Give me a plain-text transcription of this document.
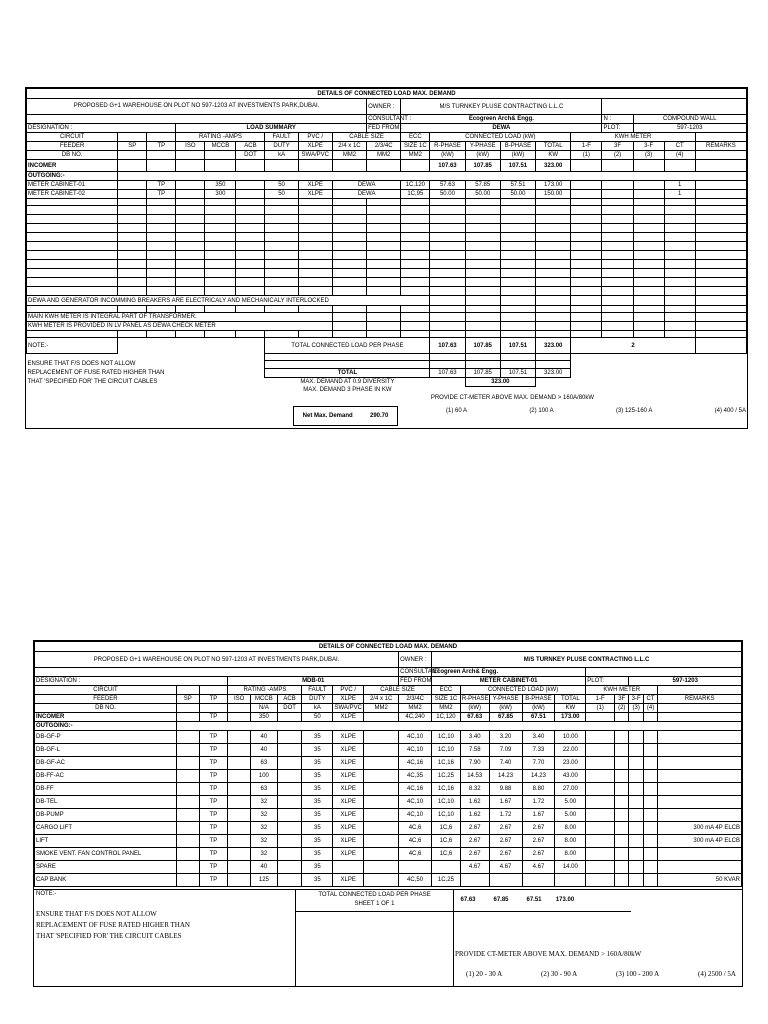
DETAILS OF CONNECTED LOAD MAX. DEMAND																			
PROPOSED G+1 WAREHOUSE ON PLOT NO 597-1203 AT INVESTMENTS PARK,DUBAI.									OWNER :	M/S TURNKEY PLUSE CONTRACTING L.L.C									
									CONSULTANT :	Ecogreen Arch& Engg.						N :	COMPOUND WALL		
DESIGNATION :			LOAD SUMMARY						FED FROM :	DEWA						PLOT:	597-1203		
CIRCUIT			RATING -AMPS			FAULT	PVC /	CABLE SIZE		ECC	CONNECTED LOAD (kW)				KWH METER				
FEEDER	SP	TP	ISO	MCCB	ACB	DUTY	XLPE	2/4 x 1C	2/3/4C	SIZE 1C	R-PHASE	Y-PHASE	B-PHASE	TOTAL	1-F	3F	3-F	CT	REMARKS
DB NO.					DOT	kA	SWA/PVC	MM2	MM2	MM2	(kW)	(kW)	(kW)	KW	(1)	(2)	(3)	(4)	
INCOMER											107.63	107.85	107.51	323.00					
OUTGOING:-																			
METER CABINET-01		TP		350		50	XLPE	DEWA		1C,120	57.63	57.85	57.51	173.00				1	
METER CABINET-02		TP		300		50	XLPE	DEWA		1C,95	50.00	50.00	50.00	150.00				1	

DEWA AND GENERATOR INCOMMING BREAKERS ARE ELECTRICALY AND MECHANICALY INTERLOCKED																			

MAIN KWH METER IS INTEGRAL PART OF TRANSFORMER.																			
KWH METER IS PROVIDED IN LV PANEL AS DEWA CHECK METER																			

NOTE:-						TOTAL CONNECTED LOAD PER PHASE					107.63	107.85	107.51	323.00	2				

ENSURE THAT F/S DOES NOT ALLOW																			
REPLACEMENT OF FUSE RATED HIGHER THAN						TOTAL					107.63	107.85	107.51	323.00					
THAT 'SPECIFIED FOR' THE CIRCUIT CABLES						MAX. DEMAND AT 0.9 DIVERSITY						323.00							
						MAX. DEMAND 3 PHASE IN KW													
											PROVIDE CT-METER ABOVE MAX. DEMAND > 160A/80kW								
Net Max. Demand	290.70
(1) 60 A	(2) 100 A	(3) 125-160 A	(4) 400 / 5A
DETAILS OF CONNECTED LOAD MAX. DEMAND																			
PROPOSED G+1 WAREHOUSE ON PLOT NO 597-1203 AT INVESTMENTS PARK,DUBAI.									OWNER :	M/S TURNKEY PLUSE CONTRACTING L.L.C									
									CONSULTANT :	Ecogreen Arch& Engg.									
DESIGNATION :			MDB-01						FED FROM	METER CABINET-01					PLOT:		597-1203		
CIRCUIT			RATING -AMPS			FAULT	PVC /	CABLE SIZE		ECC	CONNECTED LOAD (kW)				KWH METER				
FEEDER	SP	TP	ISO	MCCB	ACB	DUTY	XLPE	2/4 x 1C	2/3/4C	SIZE 1C	R-PHASE	Y-PHASE	B-PHASE	TOTAL	1-F	3F	3-F	CT	REMARKS
DB NO.				N/A	DOT	kA	SWA/PVC	MM2	MM2	MM2	(kW)	(kW)	(kW)	KW	(1)	(2)	(3)	(4)	
INCOMER		TP		350		50	XLPE		4C,240	1C,120	67.63	67.85	67.51	173.00					
OUTGOING:-																			
DB-GF-P		TP		40		35	XLPE		4C,10	1C,10	3.40	3.20	3.40	10.00					
DB-GF-L		TP		40		35	XLPE		4C,10	1C,10	7.58	7.09	7.33	22.00					
DB-GF-AC		TP		63		35	XLPE		4C,16	1C,16	7.90	7.40	7.70	23.00					
DB-FF-AC		TP		100		35	XLPE		4C,35	1C,25	14.53	14.23	14.23	43.00					
DB-FF		TP		63		35	XLPE		4C,16	1C,16	8.32	9.88	8.80	27.00					
DB-TEL		TP		32		35	XLPE		4C,10	1C,10	1.62	1.67	1.72	5.00					
DB-PUMP		TP		32		35	XLPE		4C,10	1C,10	1.62	1.72	1.67	5.00					
CARGO LIFT		TP		32		35	XLPE		4C,6	1C,6	2.67	2.67	2.67	8.00					300 mA 4P ELCB
LIFT		TP		32		35	XLPE		4C,6	1C,6	2.67	2.67	2.67	8.00					300 mA 4P ELCB
SMOKE VENT. FAN CONTROL PANEL		TP		32		35	XLPE		4C,6	1C,6	2.67	2.67	2.67	8.00					
SPARE		TP		40		35					4.67	4.67	4.67	14.00					
CAP BANK		TP		125		35	XLPE		4C,50	1C,25									50 KVAR
NOTE:-	TOTAL CONNECTED LOAD PER PHASE
SHEET 1 OF 1
67.63	67.85	67.51	173.00
ENSURE THAT F/S DOES NOT ALLOW
REPLACEMENT OF FUSE RATED HIGHER THAN
THAT 'SPECIFIED FOR' THE CIRCUIT CABLES
PROVIDE CT-METER ABOVE MAX. DEMAND > 160A/80kW
(1) 20 - 30 A	(2) 30 - 90 A	(3) 100 - 200 A	(4) 2500 / 5A
